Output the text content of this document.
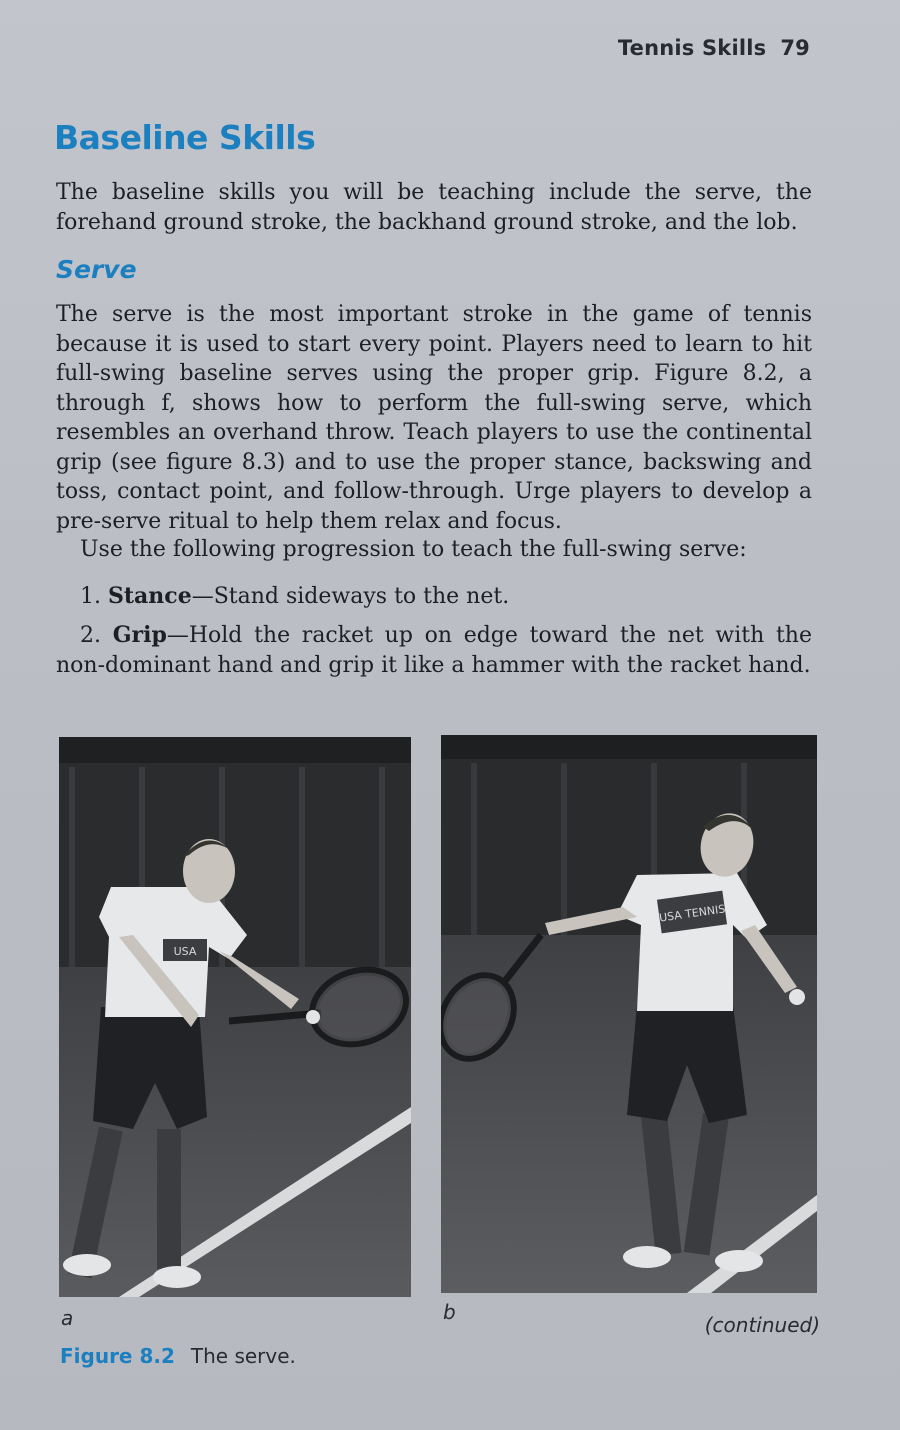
Tennis Skills 79
Baseline Skills

The baseline skills you will be teaching include the serve, the forehand ground stroke, the backhand ground stroke, and the lob.

Serve

The serve is the most important stroke in the game of tennis because it is used to start every point. Players need to learn to hit full-swing baseline serves using the proper grip. Figure 8.2, a through f, shows how to perform the full-swing serve, which resembles an overhand throw. Teach players to use the continental grip (see figure 8.3) and to use the proper stance, backswing and toss, contact point, and follow-through. Urge players to develop a pre-serve ritual to help them relax and focus.

Use the following progression to teach the full-swing serve:

1. Stance—Stand sideways to the net.

2. Grip—Hold the racket up on edge toward the net with the non-dominant hand and grip it like a hammer with the racket hand.

USA
USA TENNIS
a	b
(continued)
Figure 8.2 The serve.
